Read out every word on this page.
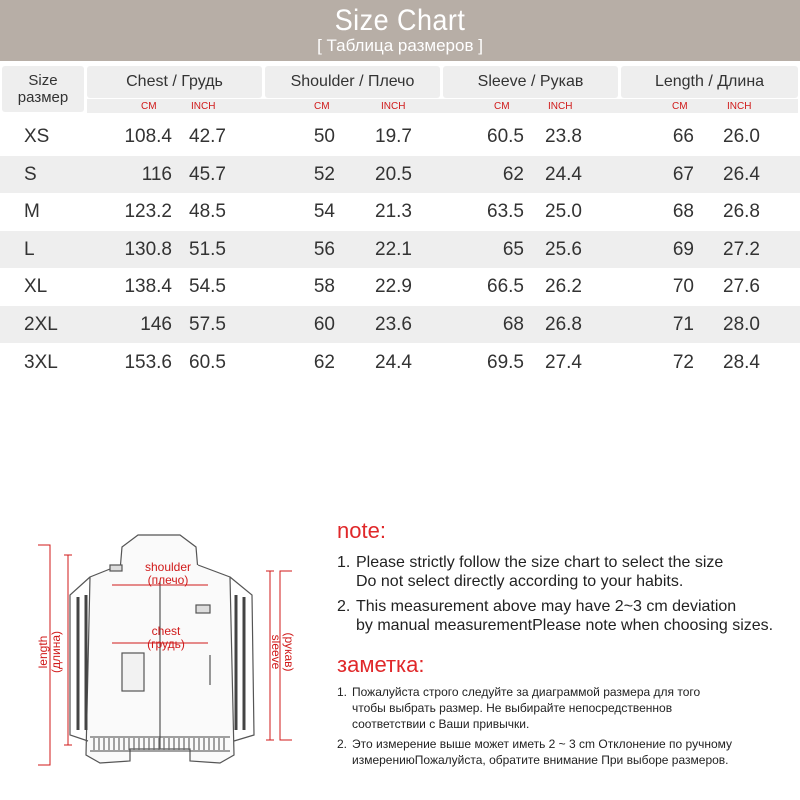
Size Chart
[ Таблица размеров ]
Size
размер
Chest / Грудь	Shoulder / Плечо	Sleeve / Рукав	Length / Длина
CM	INCH	CM	INCH	CM	INCH	CM	INCH
XS	108.4 42.7	50 19.7	60.5 23.8	66 26.0
S	116 45.7	52 20.5	62 24.4	67 26.4
M	123.2 48.5	54 21.3	63.5 25.0	68 26.8
L	130.8 51.5	56 22.1	65 25.6	69 27.2
XL	138.4 54.5	58 22.9	66.5 26.2	70 27.6
2XL	146 57.5	60 23.6	68 26.8	71 28.0
3XL	153.6 60.5	62 24.4	69.5 27.4	72 28.4
shoulder
(плечо)
chest
(грудь)
length (длина)	(рукав)
sleeve
note:
1. Please strictly follow the size chart to select the size
Do not select directly according to your habits.
2. This measurement above may have 2~3 cm deviation
by manual measurementPlease note when choosing sizes.
заметка:
1. Пожалуйста строго следуйте за диаграммой размера для того
чтобы выбрать размер. Не выбирайте непосредственнов
соответствии с Ваши привычки.
2. Это измерение выше может иметь 2 ~ 3 cm Отклонение по ручному
измерениюПожалуйста, обратите внимание При выборе размеров.
